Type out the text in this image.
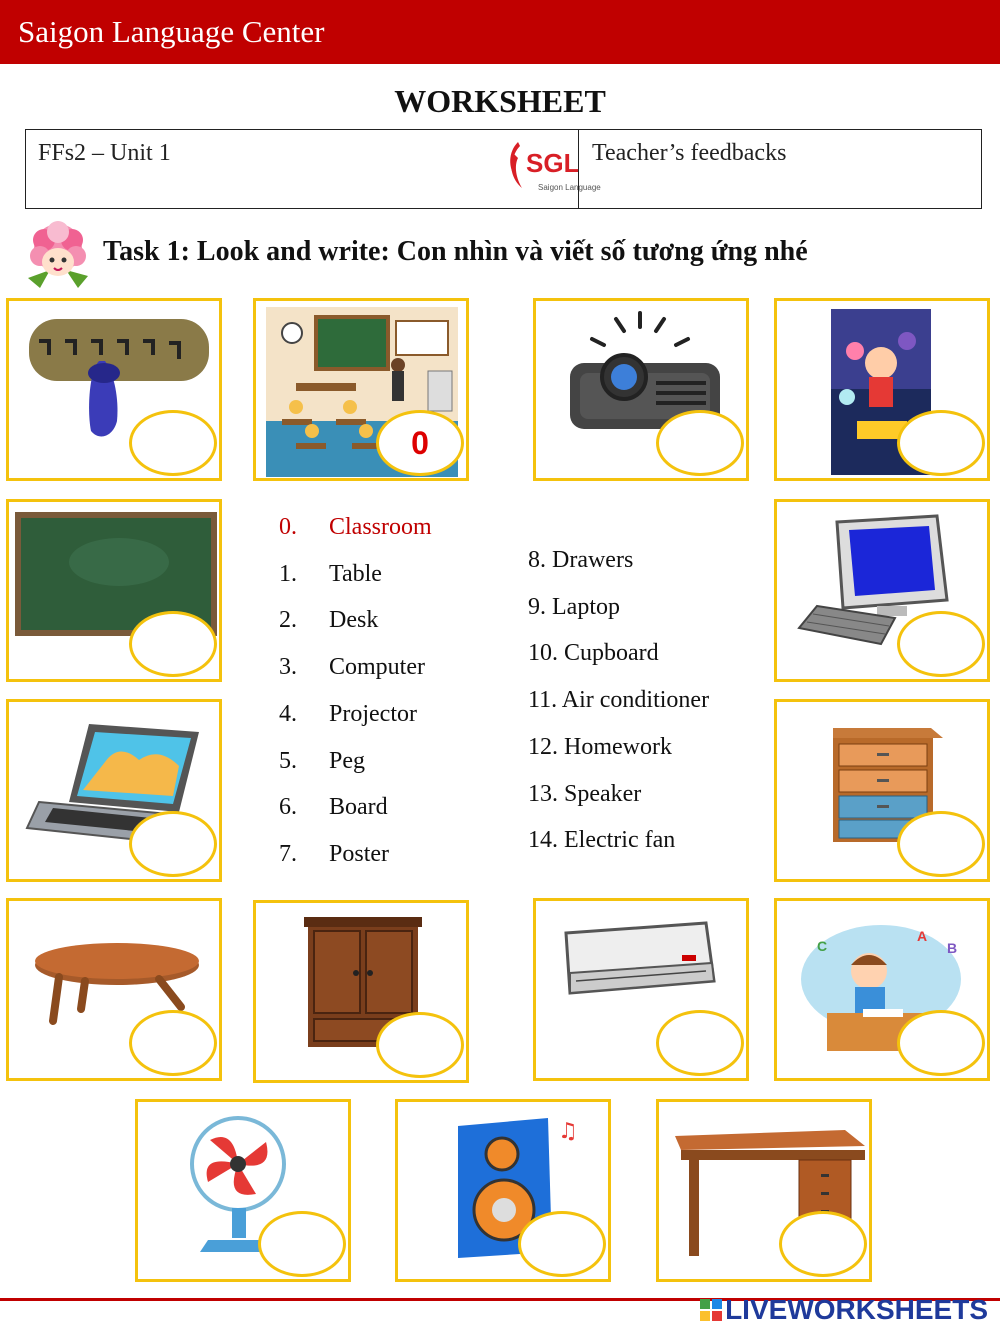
Saigon Language Center
WORKSHEET
FFs2 – Unit 1	SGL
Saigon Language
Teacher’s feedbacks
Task 1: Look and write: Con nhìn và viết số tương ứng nhé
0
0. Classroom
1. Table
2. Desk
3. Computer
4. Projector
5. Peg
6. Board
7. Poster
8. Drawers
9. Laptop
10. Cupboard
11. Air conditioner
12. Homework
13. Speaker
14. Electric fan
A
B
C
♫
LIVEWORKSHEETS
